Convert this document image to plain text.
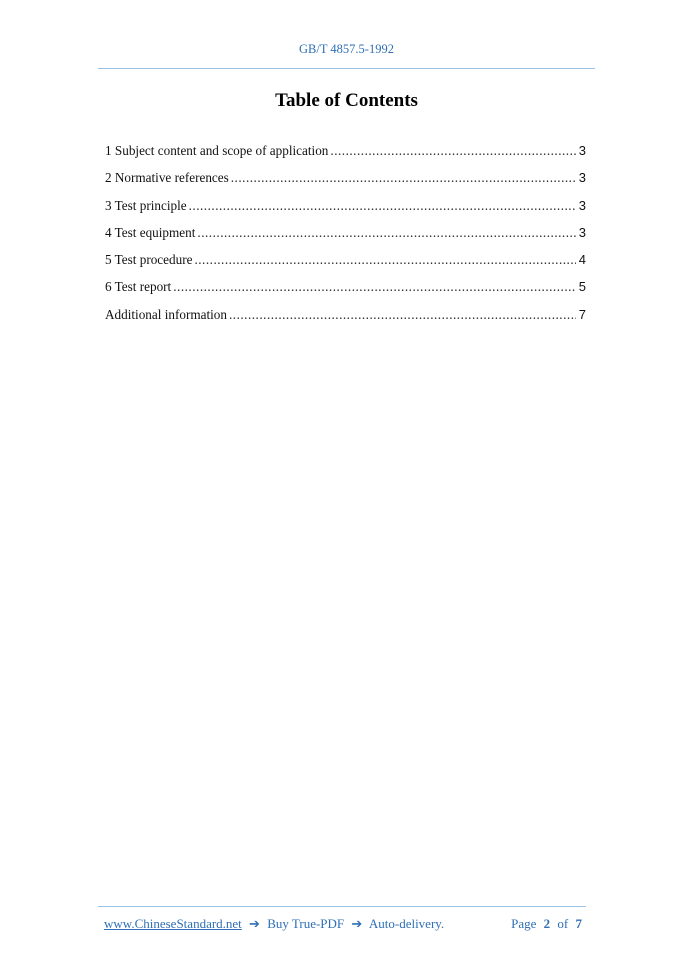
GB/T 4857.5-1992
Table of Contents
1 Subject content and scope of application .....	3
2 Normative references .....	3
3 Test principle .....	3
4 Test equipment .....	3
5 Test procedure .....	4
6 Test report .....	5
Additional information .....	7
www.ChineseStandard.net ➔ Buy True-PDF ➔ Auto-delivery.	Page 2 of 7
